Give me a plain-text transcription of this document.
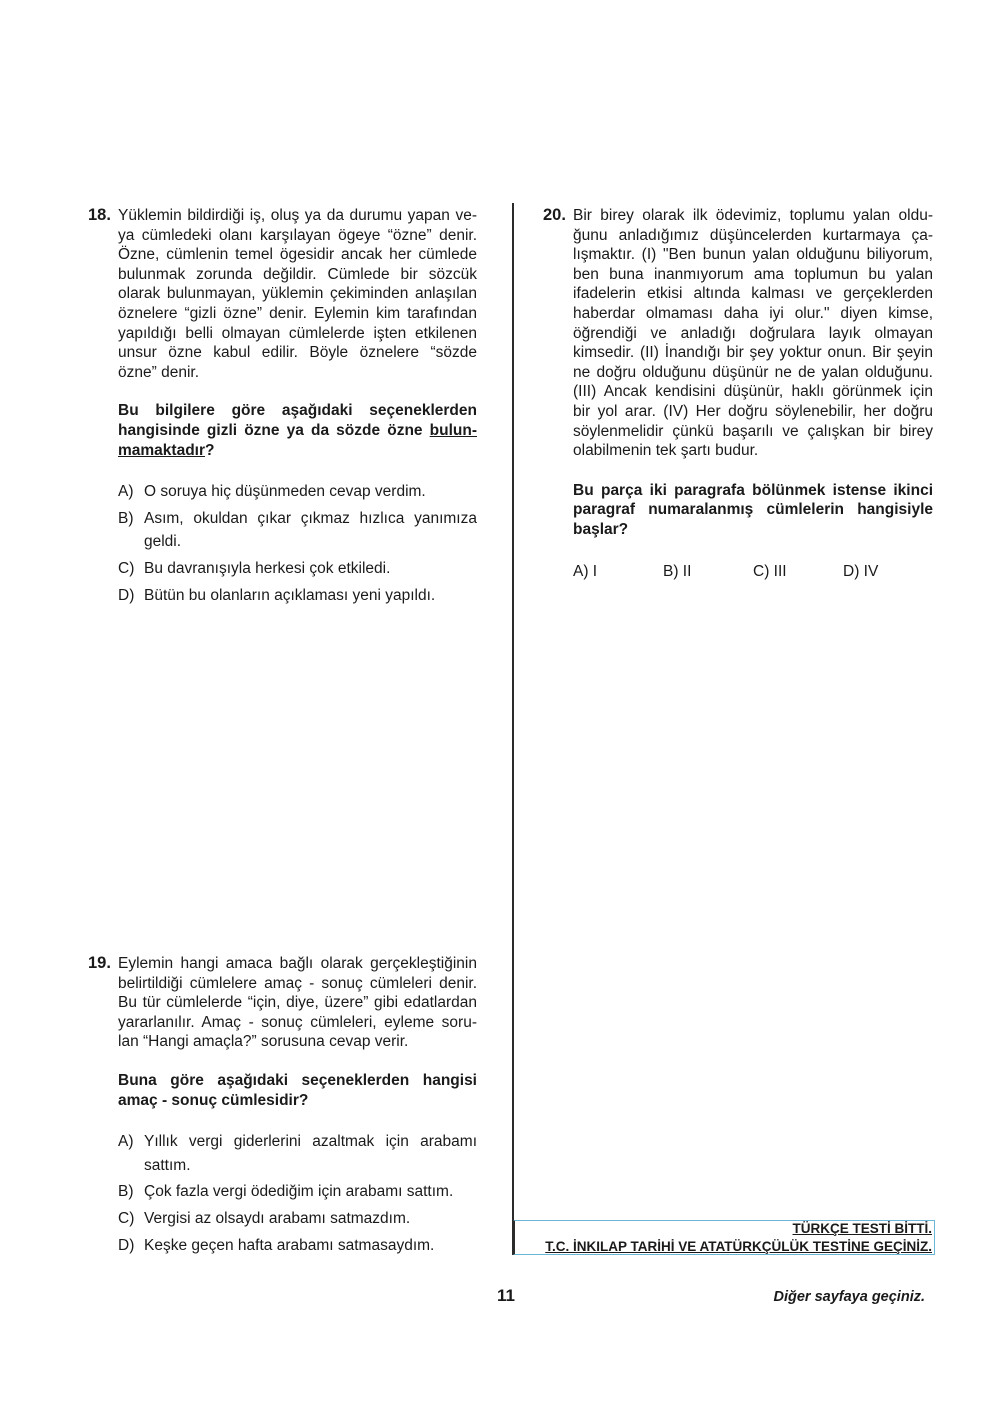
18. Yüklemin bildirdiği iş, oluş ya da durumu yapan ve-
ya cümledeki olanı karşılayan ögeye “özne” denir.
Özne, cümlenin temel ögesidir ancak her cümlede
bulunmak zorunda değildir. Cümlede bir sözcük
olarak bulunmayan, yüklemin çekiminden anlaşılan
öznelere “gizli özne” denir. Eylemin kim tarafından
yapıldığı belli olmayan cümlelerde işten etkilenen
unsur özne kabul edilir. Böyle öznelere “sözde
özne” denir.
Bu bilgilere göre aşağıdaki seçeneklerden
hangisinde gizli özne ya da sözde özne bulun-
mamaktadır?
A) O soruya hiç düşünmeden cevap verdim.
B) Asım, okuldan çıkar çıkmaz hızlıca yanımıza
geldi.
C) Bu davranışıyla herkesi çok etkiledi.
D) Bütün bu olanların açıklaması yeni yapıldı.
19. Eylemin hangi amaca bağlı olarak gerçekleştiğinin
belirtildiği cümlelere amaç - sonuç cümleleri denir.
Bu tür cümlelerde “için, diye, üzere” gibi edatlardan
yararlanılır. Amaç - sonuç cümleleri, eyleme soru-
lan “Hangi amaçla?” sorusuna cevap verir.
Buna göre aşağıdaki seçeneklerden hangisi
amaç - sonuç cümlesidir?
A) Yıllık vergi giderlerini azaltmak için arabamı
sattım.
B) Çok fazla vergi ödediğim için arabamı sattım.
C) Vergisi az olsaydı arabamı satmazdım.
D) Keşke geçen hafta arabamı satmasaydım.
20. Bir birey olarak ilk ödevimiz, toplumu yalan oldu-
ğunu anladığımız düşüncelerden kurtarmaya ça-
lışmaktır. (I) "Ben bunun yalan olduğunu biliyorum,
ben buna inanmıyorum ama toplumun bu yalan
ifadelerin etkisi altında kalması ve gerçeklerden
haberdar olmaması daha iyi olur." diyen kimse,
öğrendiği ve anladığı doğrulara layık olmayan
kimsedir. (II) İnandığı bir şey yoktur onun. Bir şeyin
ne doğru olduğunu düşünür ne de yalan olduğunu.
(III) Ancak kendisini düşünür, haklı görünmek için
bir yol arar. (IV) Her doğru söylenebilir, her doğru
söylenmelidir çünkü başarılı ve çalışkan bir birey
olabilmenin tek şartı budur.
Bu parça iki paragrafa bölünmek istense ikinci
paragraf numaralanmış cümlelerin hangisiyle
başlar?
A) I	B) II	C) III	D) IV
TÜRKÇE TESTİ BİTTİ.
T.C. İNKILAP TARİHİ VE ATATÜRKÇÜLÜK TESTİNE GEÇİNİZ.
11	Diğer sayfaya geçiniz.
